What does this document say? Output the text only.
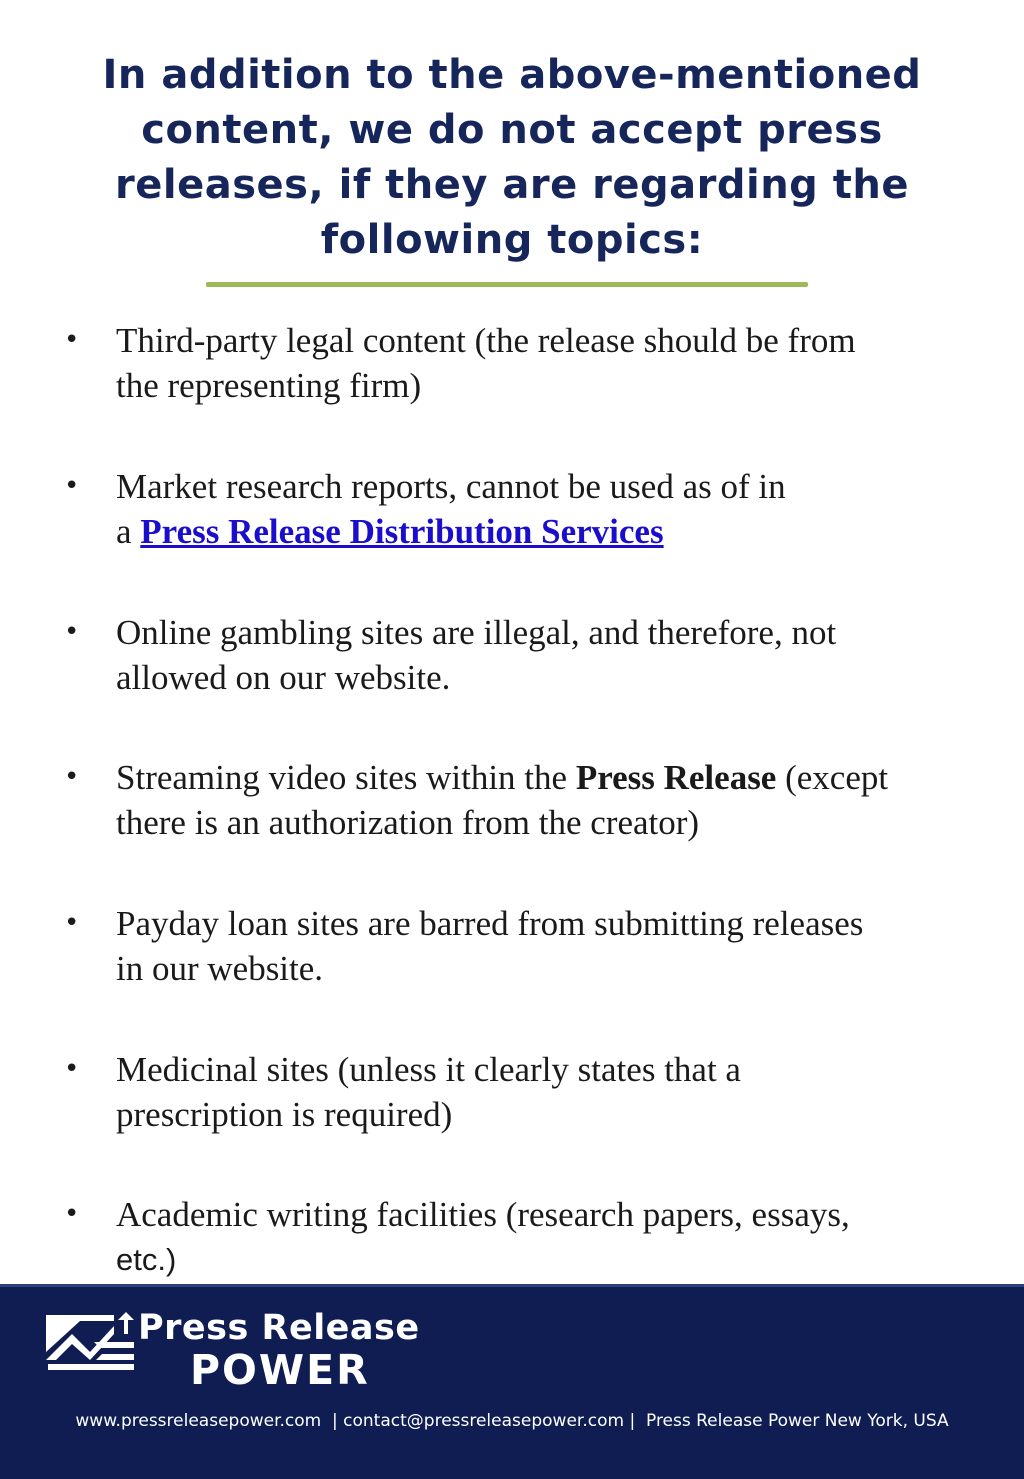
In addition to the above-mentioned
content, we do not accept press
releases, if they are regarding the
following topics:
•	Third-party legal content (the release should be from
the representing firm)
•	Market research reports, cannot be used as of in
a Press Release Distribution Services
•	Online gambling sites are illegal, and therefore, not
allowed on our website.
•	Streaming video sites within the Press Release (except
there is an authorization from the creator)
•	Payday loan sites are barred from submitting releases
in our website.
•	Medicinal sites (unless it clearly states that a
prescription is required)
•	Academic writing facilities (research papers, essays,
etc.)
Press Release
POWER
www.pressreleasepower.com  | contact@pressreleasepower.com |  Press Release Power New York, USA
